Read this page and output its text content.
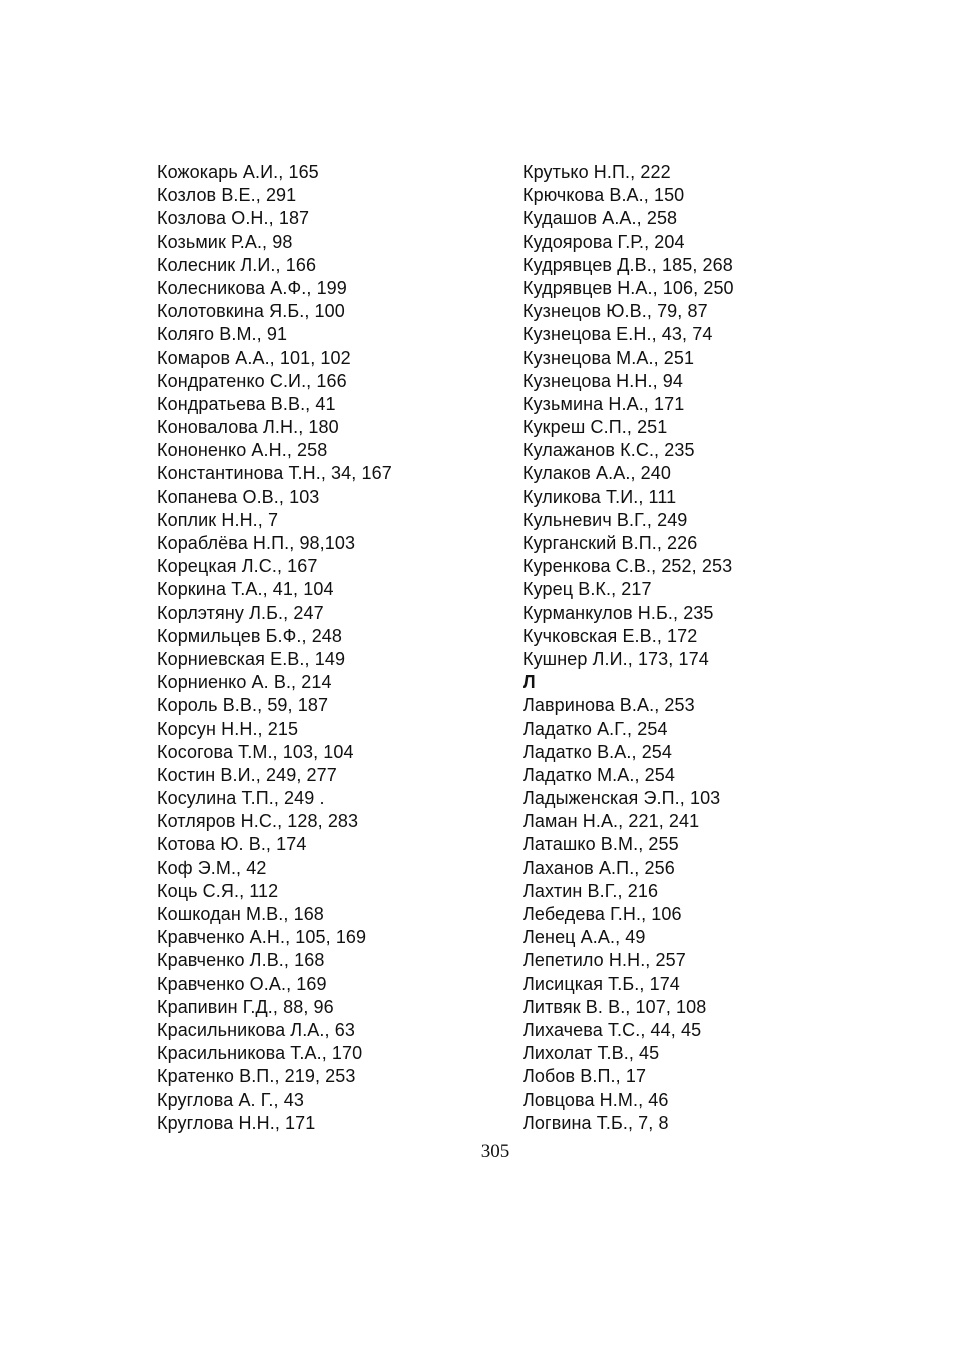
Кожокарь А.И., 165
Козлов В.Е., 291
Козлова О.Н., 187
Козьмик Р.А., 98
Колесник Л.И., 166
Колесникова А.Ф., 199
Колотовкина Я.Б., 100
Коляго В.М., 91
Комаров А.А., 101, 102
Кондратенко С.И., 166
Кондратьева В.В., 41
Коновалова Л.Н., 180
Кононенко А.Н., 258
Константинова Т.Н., 34, 167
Копанева О.В., 103
Коплик Н.Н., 7
Кораблёва Н.П., 98,103
Корецкая Л.С., 167
Коркина Т.А., 41, 104
Корлэтяну Л.Б., 247
Кормильцев Б.Ф., 248
Корниевская Е.В., 149
Корниенко А. В., 214
Король В.В., 59, 187
Корсун Н.Н., 215
Косогова Т.М., 103, 104
Костин В.И., 249, 277
Косулина Т.П., 249 .
Котляров Н.С., 128, 283
Котова Ю. В., 174
Коф Э.М., 42
Коць С.Я., 112
Кошкодан М.В., 168
Кравченко А.Н., 105, 169
Кравченко Л.В., 168
Кравченко О.А., 169
Крапивин Г.Д., 88, 96
Красильникова Л.А., 63
Красильникова Т.А., 170
Кратенко В.П., 219, 253
Круглова А. Г., 43
Круглова Н.Н., 171
Крутько Н.П., 222
Крючкова В.А., 150
Кудашов А.А., 258
Кудоярова Г.Р., 204
Кудрявцев Д.В., 185, 268
Кудрявцев Н.А., 106, 250
Кузнецов Ю.В., 79, 87
Кузнецова Е.Н., 43, 74
Кузнецова М.А., 251
Кузнецова Н.Н., 94
Кузьмина Н.А., 171
Кукреш С.П., 251
Кулажанов К.С., 235
Кулаков А.А., 240
Куликова Т.И., 111
Кульневич В.Г., 249
Курганский В.П., 226
Куренкова С.В., 252, 253
Курец В.К., 217
Курманкулов Н.Б., 235
Кучковская Е.В., 172
Кушнер Л.И., 173, 174
Л
Лавринова В.А., 253
Ладатко А.Г., 254
Ладатко В.А., 254
Ладатко М.А., 254
Ладыженская Э.П., 103
Ламан Н.А., 221, 241
Латашко В.М., 255
Лаханов А.П., 256
Лахтин В.Г., 216
Лебедева Г.Н., 106
Ленец А.А., 49
Лепетило Н.Н., 257
Лисицкая Т.Б., 174
Литвяк В. В., 107, 108
Лихачева Т.С., 44, 45
Лихолат Т.В., 45
Лобов В.П., 17
Ловцова Н.М., 46
Логвина Т.Б., 7, 8
305
